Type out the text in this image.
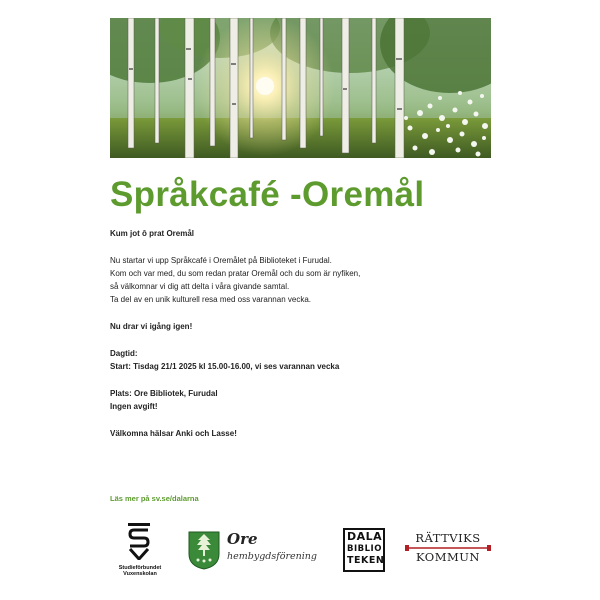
Språkcafé -Oremål

Kum jot ô prat Oremål

Nu startar vi upp Språkcafé i Oremålet på Biblioteket i Furudal.

Kom och var med, du som redan pratar Oremål och du som är nyfiken,

så välkomnar vi dig att delta i våra givande samtal.

Ta del av en unik kulturell resa med oss varannan vecka.

Nu drar vi igång igen!

Dagtid:

Start: Tisdag 21/1 2025 kl 15.00-16.00, vi ses varannan vecka

Plats: Ore Bibliotek, Furudal

Ingen avgift!

Välkomna hälsar Anki och Lasse!

Läs mer på sv.se/dalarna
Studieförbundet
Vuxenskolan
Ore
hembygdsförening
DALA
BIBLIO
TEKEN
RÄTTVIKS
KOMMUN
